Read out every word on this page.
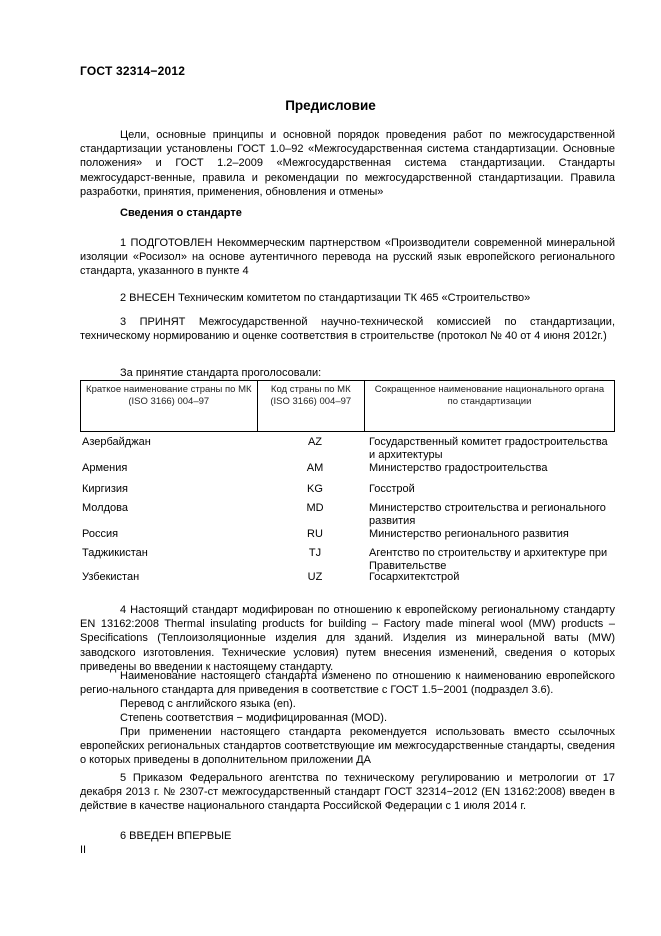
ГОСТ 32314−2012
Предисловие
Цели, основные принципы и основной порядок проведения работ по межгосударственной стандартизации установлены ГОСТ 1.0–92 «Межгосударственная система стандартизации. Основные положения» и ГОСТ 1.2–2009 «Межгосударственная система стандартизации. Стандарты межгосударст-венные, правила и рекомендации по межгосударственной стандартизации. Правила разработки, принятия, применения, обновления и отмены»
Сведения о стандарте
1 ПОДГОТОВЛЕН Некоммерческим партнерством «Производители современной минеральной изоляции «Росизол» на основе аутентичного перевода на русский язык европейского регионального стандарта, указанного в пункте 4
2 ВНЕСЕН Техническим комитетом по стандартизации ТК 465 «Строительство»
3 ПРИНЯТ Межгосударственной научно-технической комиссией по стандартизации, техническому нормированию и оценке соответствия в строительстве (протокол № 40 от 4 июня 2012г.)
За принятие стандарта проголосовали:
Краткое наименование страны по МК (ISO 3166) 004–97	Код страны по МК (ISO 3166) 004–97	Сокращенное наименование национального органа по стандартизации
Азербайджан	AZ	Государственный комитет градостроительства и архитектуры
Армения	AM	Министерство градостроительства
Киргизия	KG	Госстрой
Молдова	MD	Министерство строительства и регионального развития
Россия	RU	Министерство регионального развития
Таджикистан	TJ	Агентство по строительству и архитектуре при Правительстве
Узбекистан	UZ	Госархитектстрой
4 Настоящий стандарт модифирован по отношению к европейскому региональному стандарту EN 13162:2008 Thermal insulating products for building – Factory made mineral wool (MW) products – Specifications (Теплоизоляционные изделия для зданий. Изделия из минеральной ваты (MW) заводского изготовления. Технические условия) путем внесения изменений, сведения о которых приведены во введении к настоящему стандарту.
Наименование настоящего стандарта изменено по отношению к наименованию европейского регио-нального стандарта для приведения в соответствие с ГОСТ 1.5−2001 (подраздел 3.6).
Перевод с английского языка (en).
Степень соответствия − модифицированная (MOD).
При применении настоящего стандарта рекомендуется использовать вместо ссылочных европейских региональных стандартов соответствующие им межгосударственные стандарты, сведения о которых приведены в дополнительном приложении ДА
5 Приказом Федерального агентства по техническому регулированию и метрологии от 17 декабря 2013 г. № 2307-ст межгосударственный стандарт ГОСТ 32314−2012 (EN 13162:2008) введен в действие в качестве национального стандарта Российской Федерации с 1 июля 2014 г.
6 ВВЕДЕН ВПЕРВЫЕ
II
